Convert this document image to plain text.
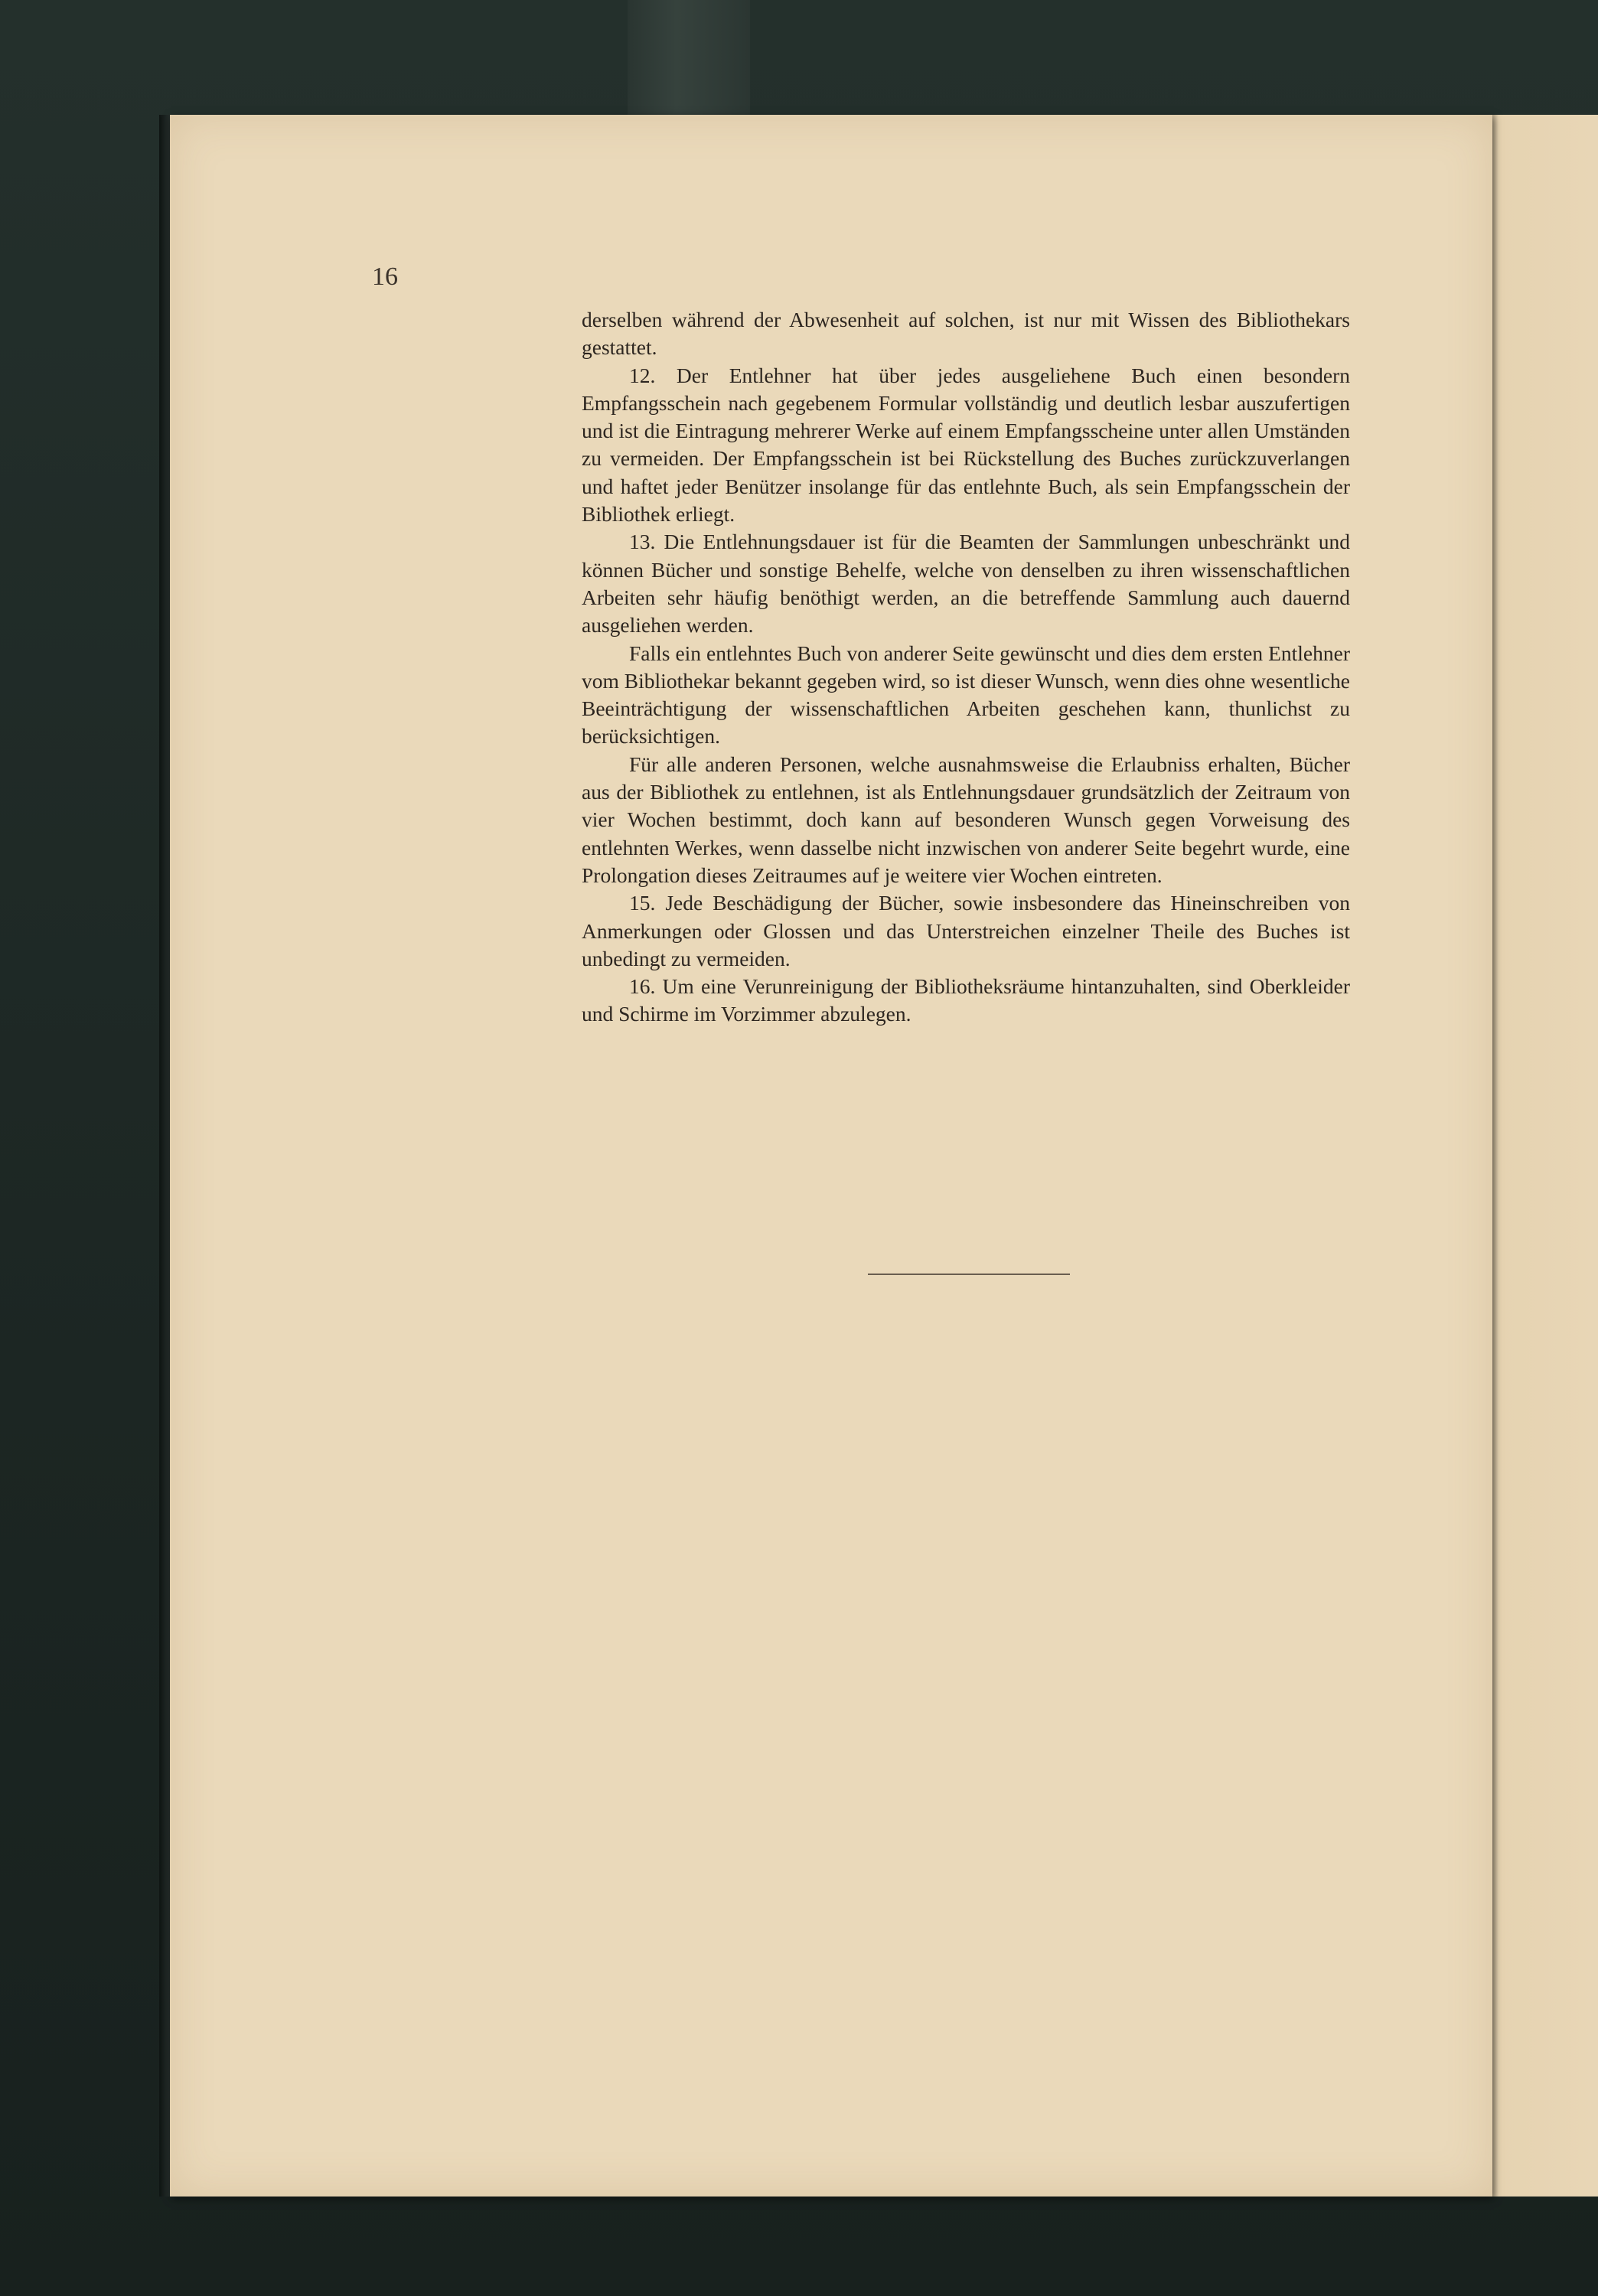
16

derselben während der Abwesenheit auf solchen, ist nur mit Wissen des Bibliothekars gestattet.

12. Der Entlehner hat über jedes ausgeliehene Buch einen besondern Empfangsschein nach gegebenem Formular vollständig und deutlich lesbar auszufertigen und ist die Eintragung mehrerer Werke auf einem Empfangsscheine unter allen Umständen zu vermeiden. Der Empfangsschein ist bei Rückstellung des Buches zurückzuverlangen und haftet jeder Benützer insolange für das entlehnte Buch, als sein Empfangsschein der Bibliothek erliegt.

13. Die Entlehnungsdauer ist für die Beamten der Sammlungen unbeschränkt und können Bücher und sonstige Behelfe, welche von denselben zu ihren wissenschaftlichen Arbeiten sehr häufig benöthigt werden, an die betreffende Sammlung auch dauernd ausgeliehen werden.

Falls ein entlehntes Buch von anderer Seite gewünscht und dies dem ersten Entlehner vom Bibliothekar bekannt gegeben wird, so ist dieser Wunsch, wenn dies ohne wesentliche Beeinträchtigung der wissenschaftlichen Arbeiten geschehen kann, thunlichst zu berücksichtigen.

Für alle anderen Personen, welche ausnahmsweise die Erlaubniss erhalten, Bücher aus der Bibliothek zu entlehnen, ist als Entlehnungsdauer grundsätzlich der Zeitraum von vier Wochen bestimmt, doch kann auf besonderen Wunsch gegen Vorweisung des entlehnten Werkes, wenn dasselbe nicht inzwischen von anderer Seite begehrt wurde, eine Prolongation dieses Zeitraumes auf je weitere vier Wochen eintreten.

15. Jede Beschädigung der Bücher, sowie insbesondere das Hineinschreiben von Anmerkungen oder Glossen und das Unterstreichen einzelner Theile des Buches ist unbedingt zu vermeiden.

16. Um eine Verunreinigung der Bibliotheksräume hintanzuhalten, sind Oberkleider und Schirme im Vorzimmer abzulegen.
